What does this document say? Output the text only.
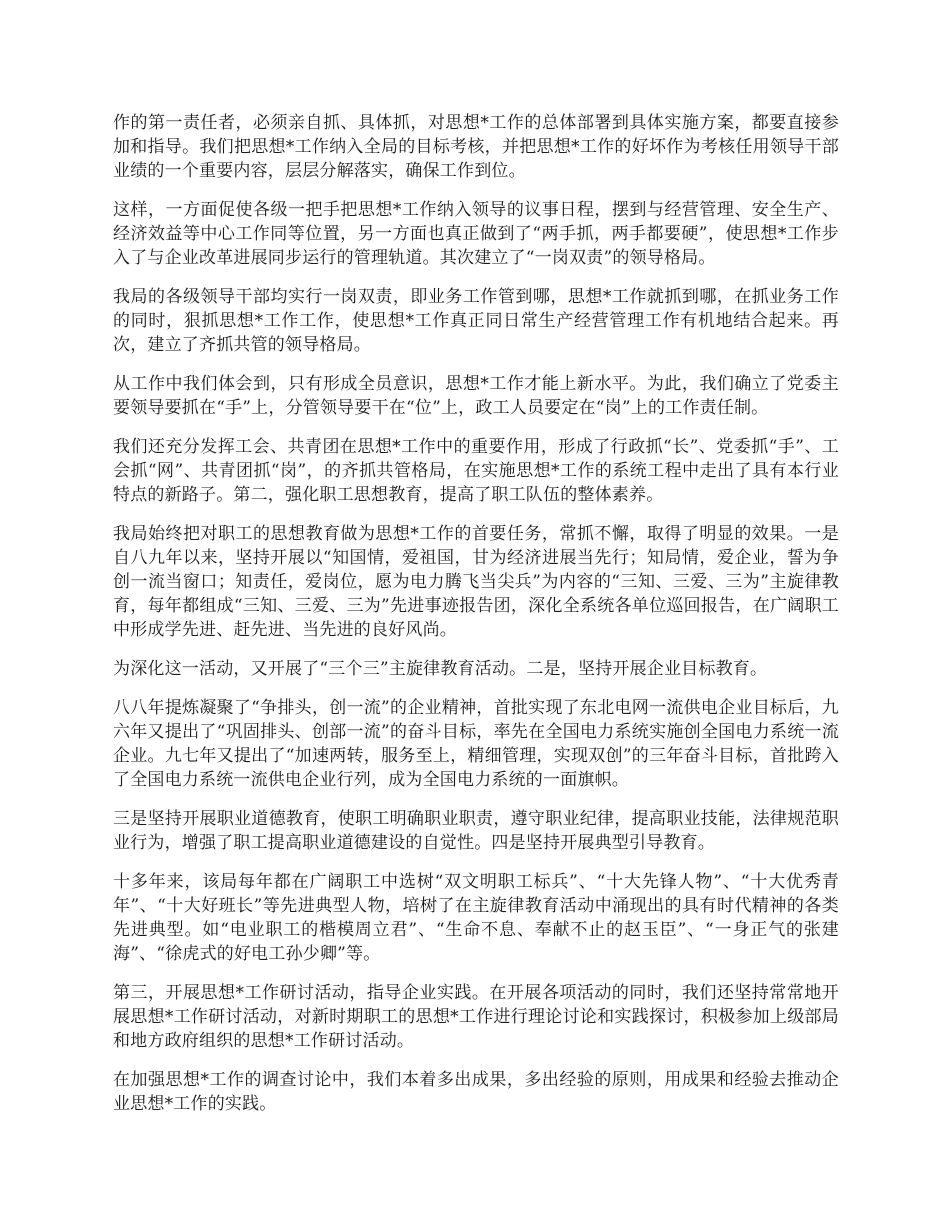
作的第一责任者，必须亲自抓、具体抓，对思想*工作的总体部署到具体实施方案，都要直接参加和指导。我们把思想*工作纳入全局的目标考核，并把思想*工作的好坏作为考核任用领导干部业绩的一个重要内容，层层分解落实，确保工作到位。

这样，一方面促使各级一把手把思想*工作纳入领导的议事日程，摆到与经营管理、安全生产、经济效益等中心工作同等位置，另一方面也真正做到了“两手抓，两手都要硬”，使思想*工作步入了与企业改革进展同步运行的管理轨道。其次建立了“一岗双责”的领导格局。

我局的各级领导干部均实行一岗双责，即业务工作管到哪，思想*工作就抓到哪，在抓业务工作的同时，狠抓思想*工作工作，使思想*工作真正同日常生产经营管理工作有机地结合起来。再次，建立了齐抓共管的领导格局。

从工作中我们体会到，只有形成全员意识，思想*工作才能上新水平。为此，我们确立了党委主要领导要抓在“手”上，分管领导要干在“位”上，政工人员要定在“岗”上的工作责任制。

我们还充分发挥工会、共青团在思想*工作中的重要作用，形成了行政抓“长”、党委抓“手”、工会抓“网”、共青团抓“岗”，的齐抓共管格局，在实施思想*工作的系统工程中走出了具有本行业特点的新路子。第二，强化职工思想教育，提高了职工队伍的整体素养。

我局始终把对职工的思想教育做为思想*工作的首要任务，常抓不懈，取得了明显的效果。一是自八九年以来，坚持开展以“知国情，爱祖国，甘为经济进展当先行；知局情，爱企业，誓为争创一流当窗口；知责任，爱岗位，愿为电力腾飞当尖兵”为内容的“三知、三爱、三为”主旋律教育，每年都组成“三知、三爱、三为”先进事迹报告团，深化全系统各单位巡回报告，在广阔职工中形成学先进、赶先进、当先进的良好风尚。

为深化这一活动，又开展了“三个三”主旋律教育活动。二是，坚持开展企业目标教育。

八八年提炼凝聚了“争排头，创一流”的企业精神，首批实现了东北电网一流供电企业目标后，九六年又提出了“巩固排头、创部一流”的奋斗目标，率先在全国电力系统实施创全国电力系统一流企业。九七年又提出了“加速两转，服务至上，精细管理，实现双创”的三年奋斗目标，首批跨入了全国电力系统一流供电企业行列，成为全国电力系统的一面旗帜。

三是坚持开展职业道德教育，使职工明确职业职责，遵守职业纪律，提高职业技能，法律规范职业行为，增强了职工提高职业道德建设的自觉性。四是坚持开展典型引导教育。

十多年来，该局每年都在广阔职工中选树“双文明职工标兵”、“十大先锋人物”、“十大优秀青年”、“十大好班长”等先进典型人物，培树了在主旋律教育活动中涌现出的具有时代精神的各类先进典型。如“电业职工的楷模周立君”、“生命不息、奉献不止的赵玉臣”、“一身正气的张建海”、“徐虎式的好电工孙少卿”等。

第三，开展思想*工作研讨活动，指导企业实践。在开展各项活动的同时，我们还坚持常常地开展思想*工作研讨活动，对新时期职工的思想*工作进行理论讨论和实践探讨，积极参加上级部局和地方政府组织的思想*工作研讨活动。

在加强思想*工作的调查讨论中，我们本着多出成果，多出经验的原则，用成果和经验去推动企业思想*工作的实践。
